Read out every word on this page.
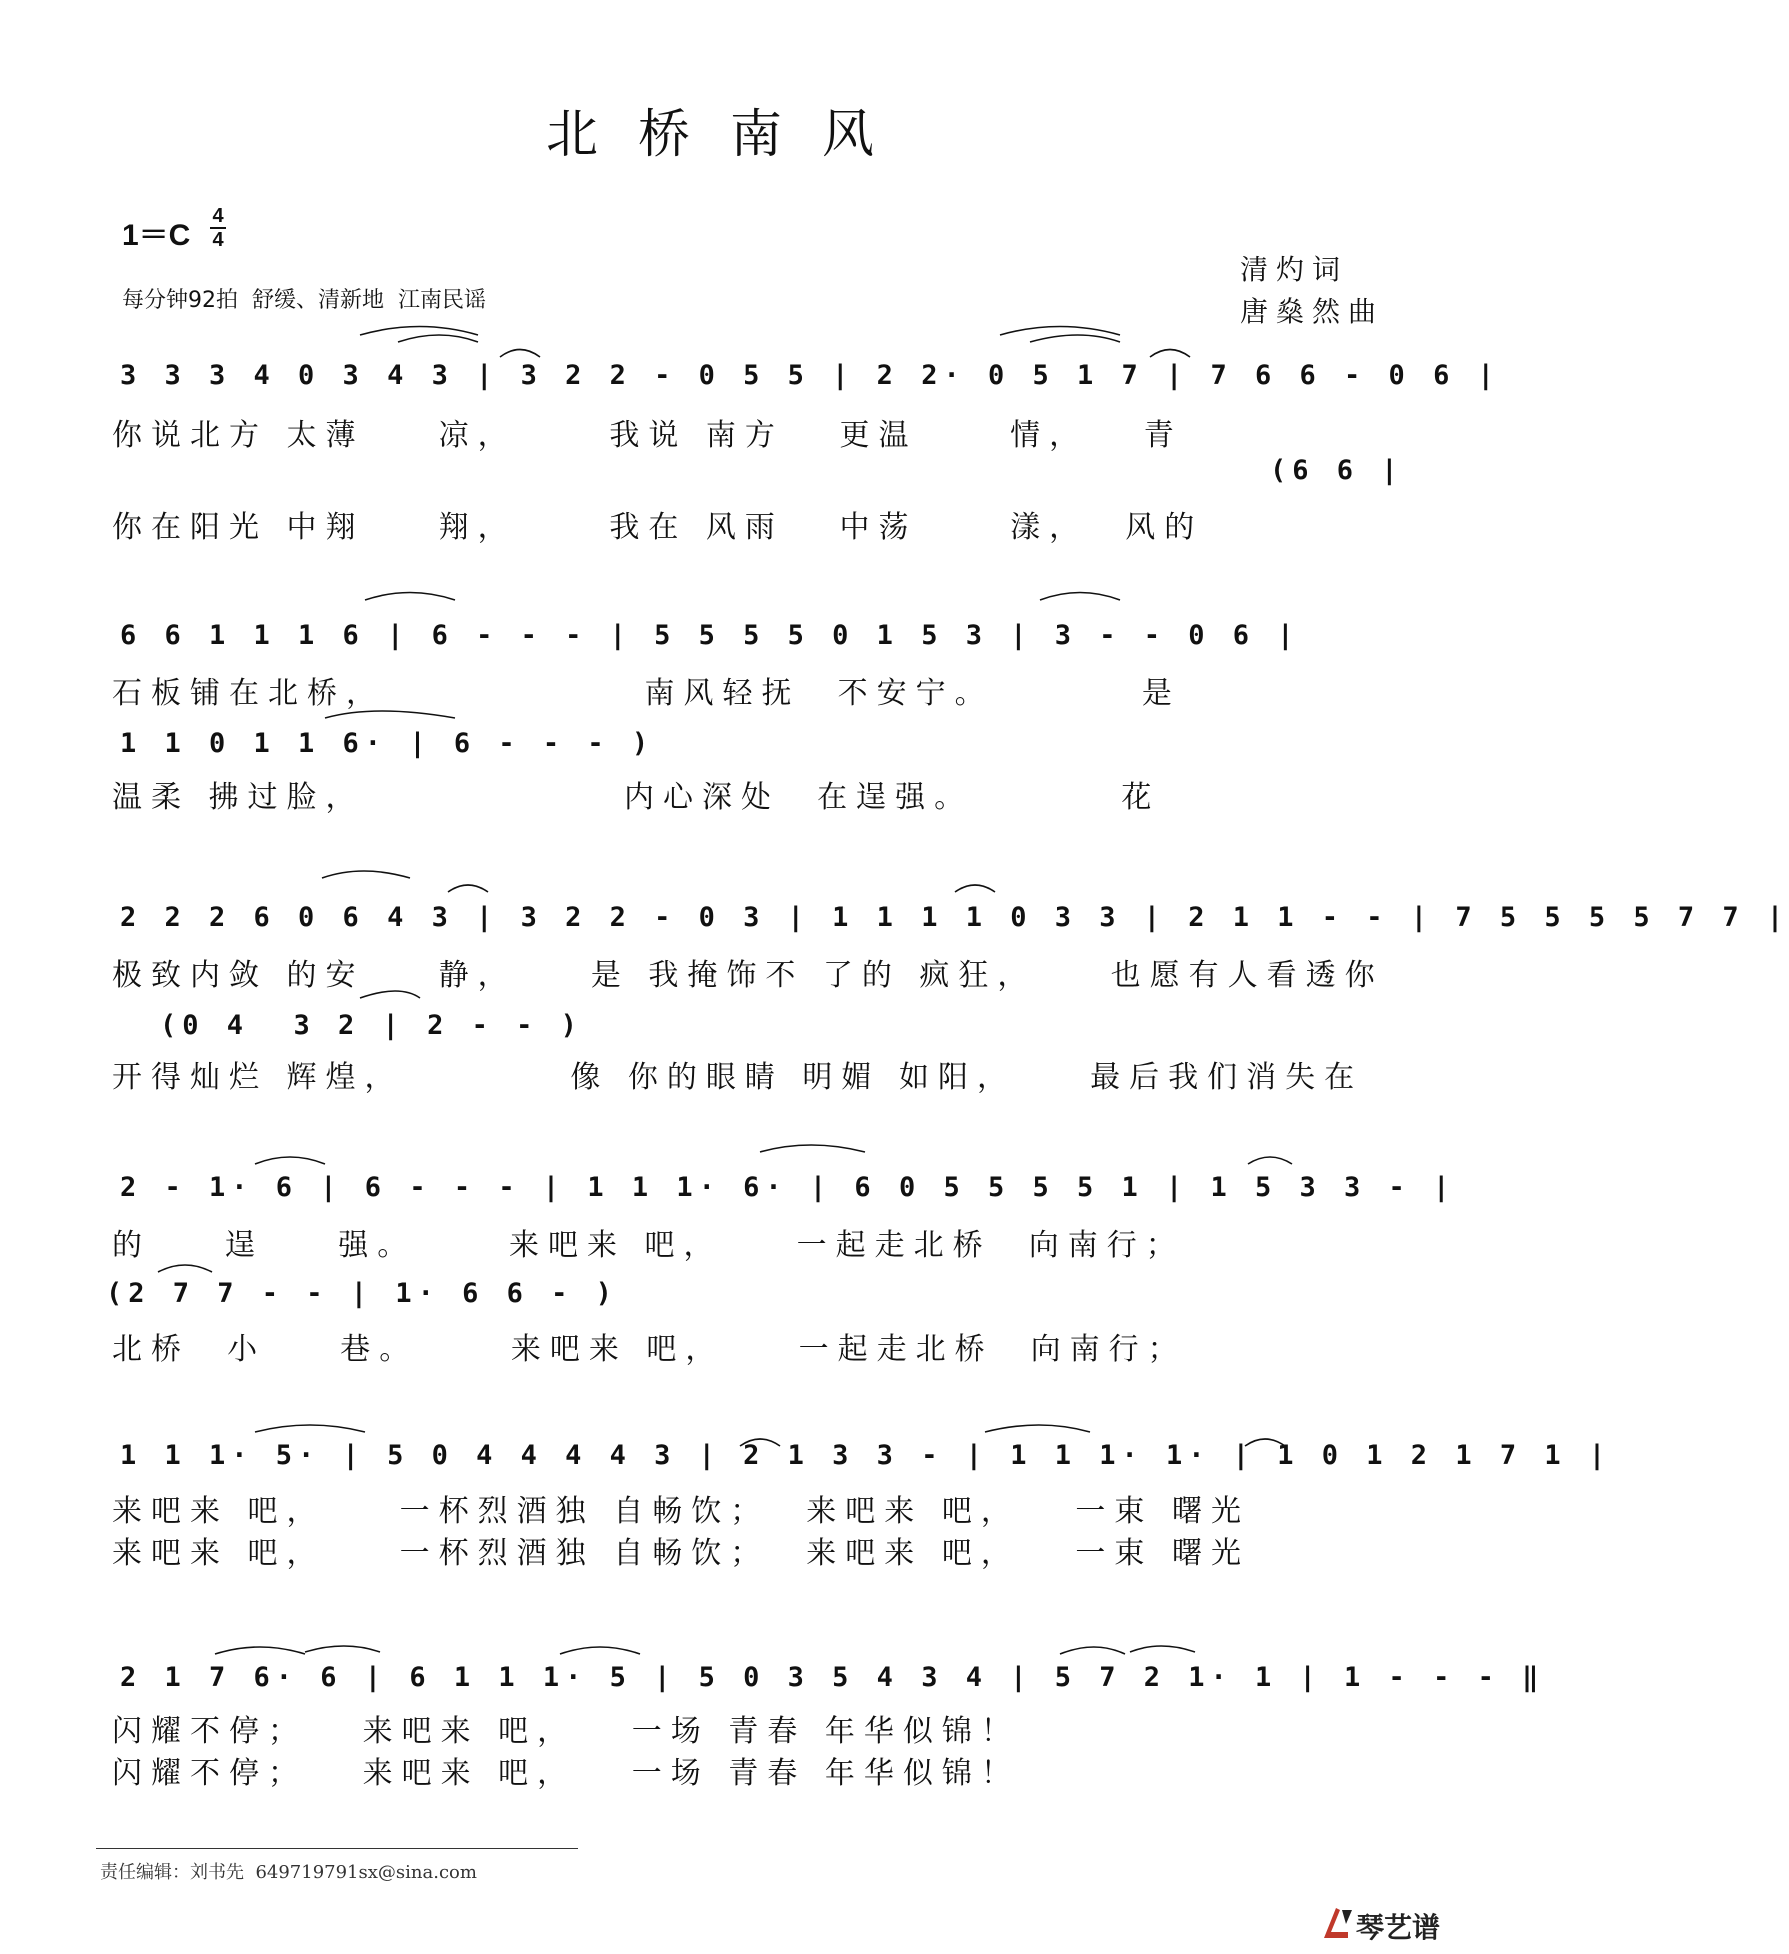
北桥南风
1＝C
4
4
每分钟92拍  舒缓、清新地  江南民谣
清灼词
唐燊然曲
3 3 3 4 0 3 4 3 | 3 2 2 - 0 5 5 | 2 2· 0 5 1 7 | 7 6 6 - 0 6 |
你说北方 太薄    凉，     我说 南方   更温     情，   青
(6 6 |
你在阳光 中翔    翔，     我在 风雨   中荡     漾，  风的
6 6 1 1 1 6 | 6 - - - | 5 5 5 5 0 1 5 3 | 3 - - 0 6 |
石板铺在北桥，              南风轻抚  不安宁。        是
1 1 0 1 1 6· | 6 - - - )
温柔 拂过脸，              内心深处  在逞强。        花
2 2 2 6 0 6 4 3 | 3 2 2 - 0 3 | 1 1 1 1 0 3 3 | 2 1 1 - - | 7 5 5 5 5 7 7 |
极致内敛 的安    静，    是 我掩饰不 了的 疯狂，    也愿有人看透你
(0 4  3 2 | 2 - - )
开得灿烂 辉煌，         像 你的眼睛 明媚 如阳，    最后我们消失在
2 - 1· 6 | 6 - - - | 1 1 1· 6· | 6 0 5 5 5 5 1 | 1 5 3 3 - |
的    逞    强。     来吧来 吧，    一起走北桥  向南行；
(2 7 7 - - | 1· 6 6 - )
北桥  小    巷。     来吧来 吧，    一起走北桥  向南行；
1 1 1· 5· | 5 0 4 4 4 4 3 | 2 1 3 3 - | 1 1 1· 1· | 1 0 1 2 1 7 1 |
来吧来 吧，    一杯烈酒独 自畅饮；  来吧来 吧，   一束 曙光
来吧来 吧，    一杯烈酒独 自畅饮；  来吧来 吧，   一束 曙光
2 1 7 6· 6 | 6 1 1 1· 5 | 5 0 3 5 4 3 4 | 5 7 2 1· 1 | 1 - - - ‖
闪耀不停；   来吧来 吧，   一场 青春 年华似锦！
闪耀不停；   来吧来 吧，   一场 青春 年华似锦！
责任编辑：刘书先  649719791sx@sina.com
琴艺谱
